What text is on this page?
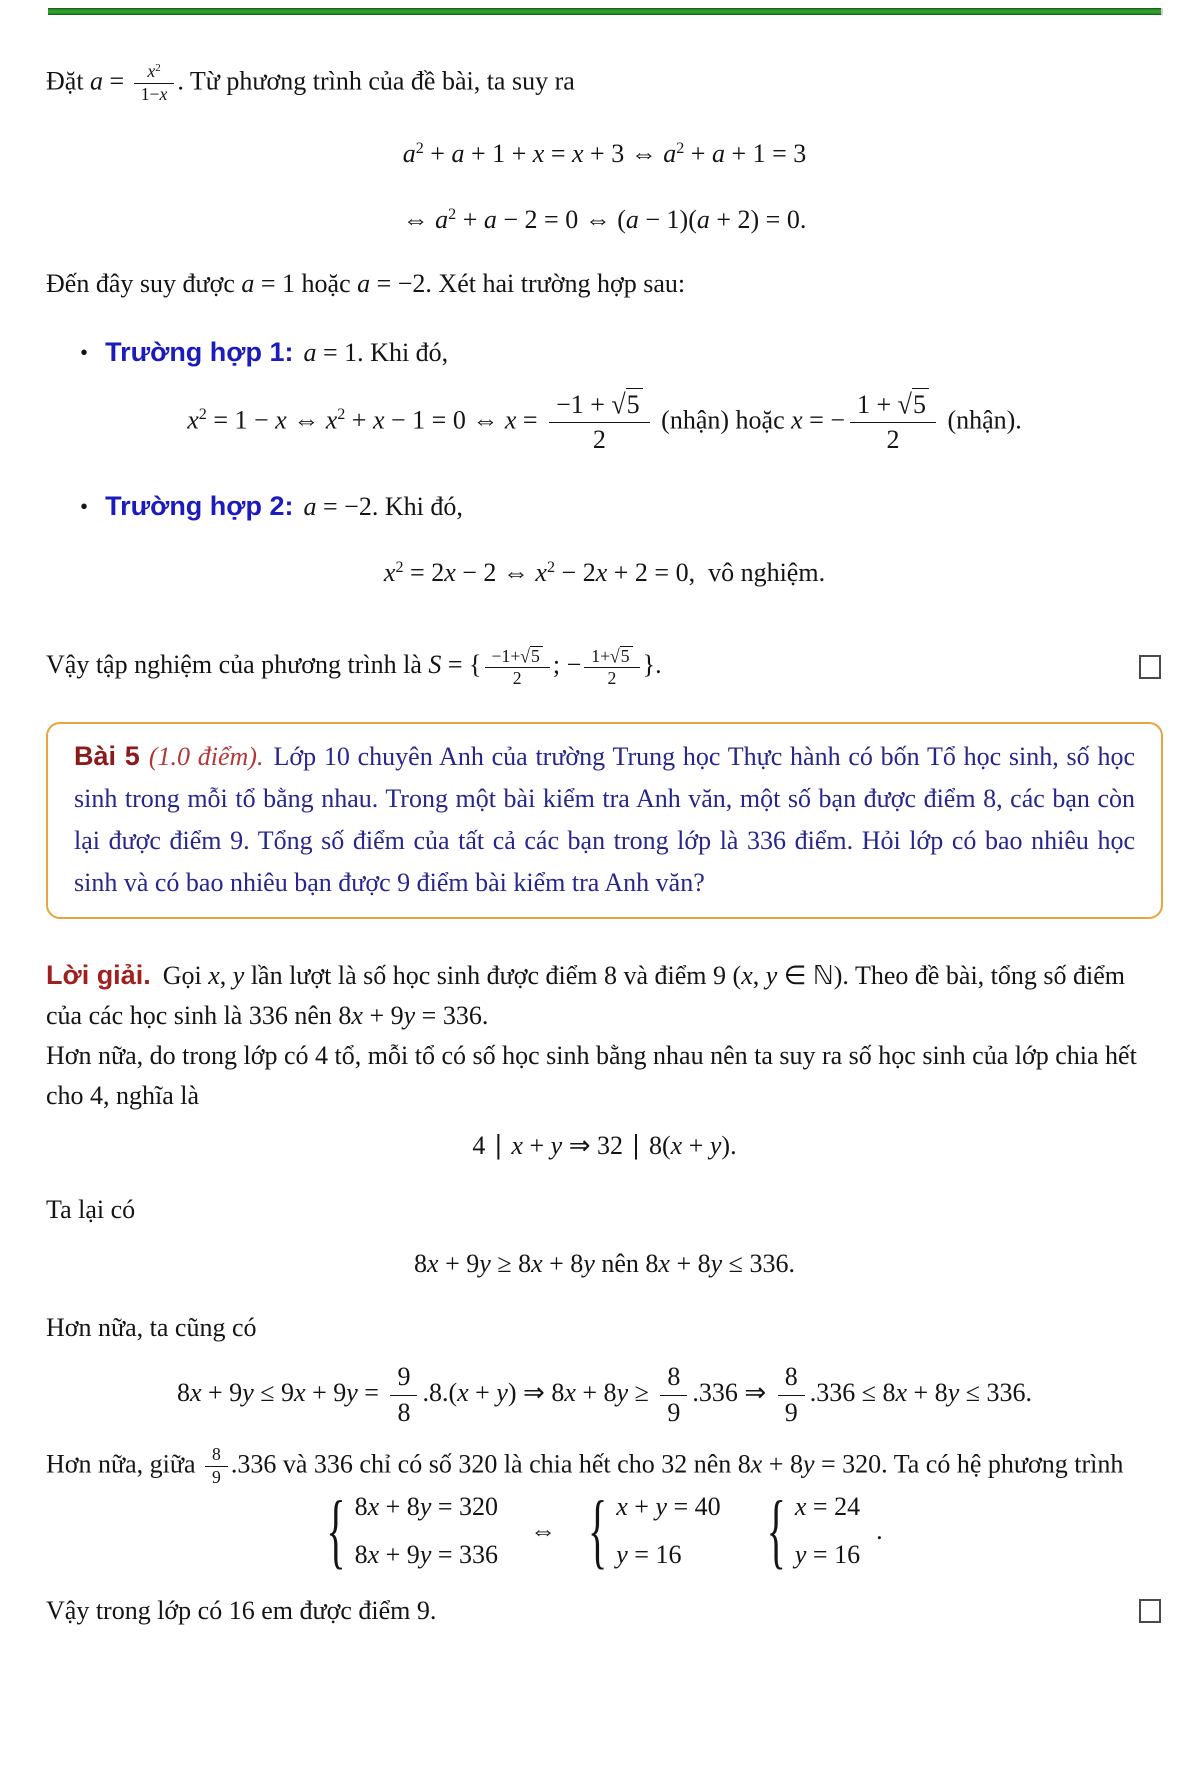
Đặt $a = \frac{x^2}{1-x}$ . Từ phương trình của đề bài, ta suy ra

$a^2 + a + 1 + x = x + 3$ ⇔ $a^2 + a + 1 = 3$
⇔ $a^2 + a - 2 = 0$ ⇔ (a − 1)(a + 2) = 0.

Đến đây suy được a = 1 hoặc a = −2. Xét hai trường hợp sau:

• Trường hợp 1: a = 1. Khi đó,
$x^2 = 1 - x$ ⇔ $x^2 + x - 1 = 0$ ⇔ $x = \frac{-1 + √5}{2}$ (nhận) hoặc x = − $\frac{1 + √5}{2}$ (nhận).
• Trường hợp 2: a = −2. Khi đó,
$x^2 = 2x - 2$ ⇔ $x^2 - 2x + 2 = 0$, vô nghiệm.

Vậy tập nghiệm của phương trình là S = { $\frac{-1+√5}{2}$ ; − $\frac{1+√5}{2}$ }.

Bài 5 (1.0 điểm). Lớp 10 chuyên Anh của trường Trung học Thực hành có bốn Tổ học sinh, số học sinh trong mỗi tổ bằng nhau. Trong một bài kiểm tra Anh văn, một số bạn được điểm 8, các bạn còn lại được điểm 9. Tổng số điểm của tất cả các bạn trong lớp là 336 điểm. Hỏi lớp có bao nhiêu học sinh và có bao nhiêu bạn được 9 điểm bài kiểm tra Anh văn?

Lời giải. Gọi x, y lần lượt là số học sinh được điểm 8 và điểm 9 (x, y ∈ ℕ). Theo đề bài, tổng số điểm của các học sinh là 336 nên 8x + 9y = 336.

Hơn nữa, do trong lớp có 4 tổ, mỗi tổ có số học sinh bằng nhau nên ta suy ra số học sinh của lớp chia hết cho 4, nghĩa là

4 ∣ x + y ⇒ 32 ∣ 8(x + y).

Ta lại có

8x + 9y ≥ 8x + 8y nên 8x + 8y ≤ 336.

Hơn nữa, ta cũng có

$8x + 9y \le 9x + 9y = \frac{9}{8} .8.(x + y)$ ⇒ $8x + 8y \ge \frac{8}{9} .336$ ⇒ $\frac{8}{9} .336 \le 8x + 8y \le 336$.

Hơn nữa, giữa $\frac{8}{9} .336$ và 336 chỉ có số 320 là chia hết cho 32 nên 8x + 8y = 320. Ta có hệ phương trình

{ 8x + 8y = 320
8x + 9y = 336
⇔ { x + y = 40
y = 16	{ x = 24
y = 16
.

Vậy trong lớp có 16 em được điểm 9.
